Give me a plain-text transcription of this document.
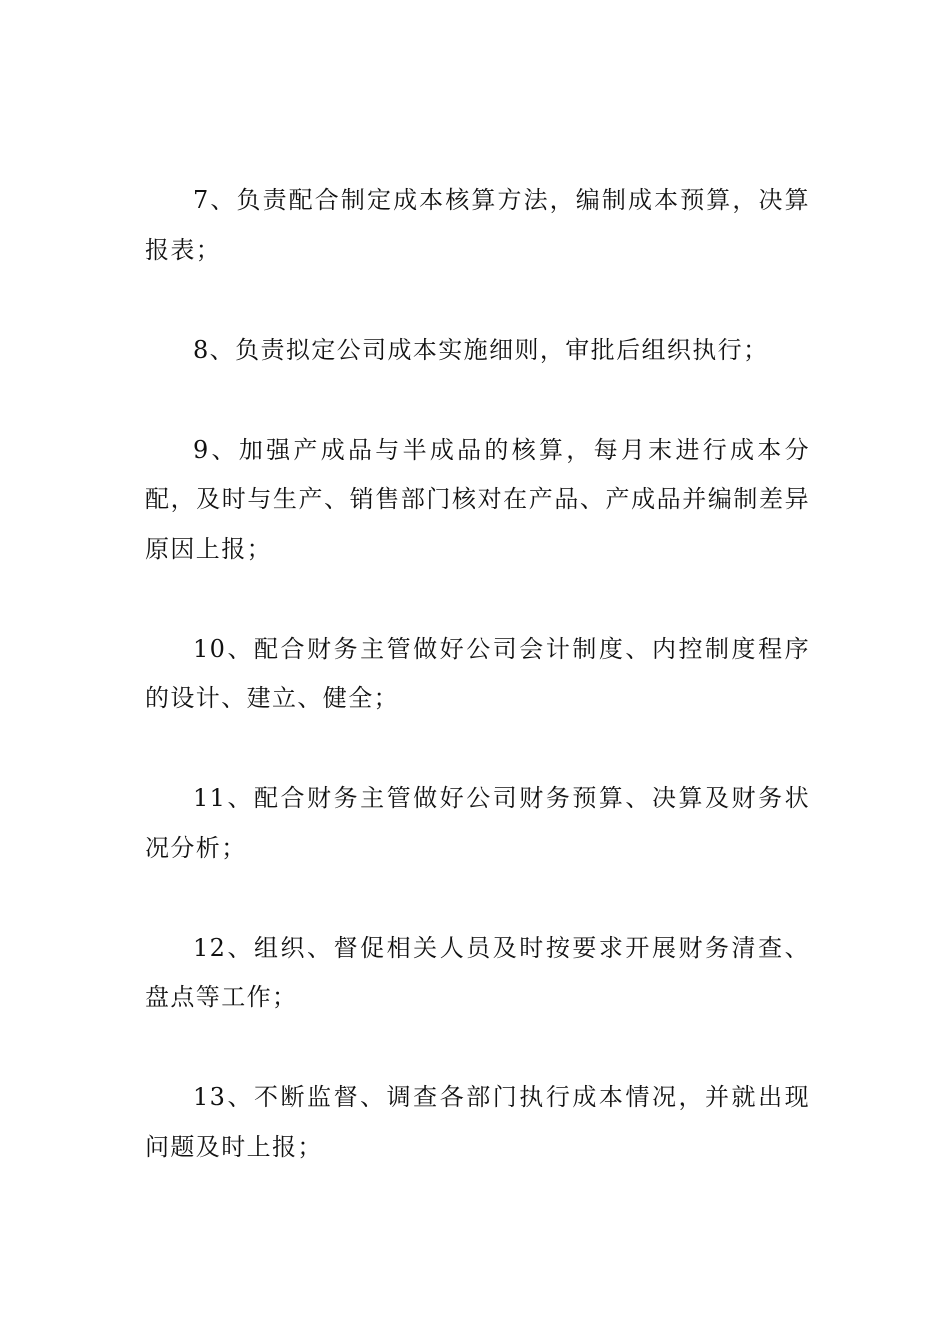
7、负责配合制定成本核算方法，编制成本预算，决算报表；

8、负责拟定公司成本实施细则，审批后组织执行；

9、加强产成品与半成品的核算，每月末进行成本分配，及时与生产、销售部门核对在产品、产成品并编制差异原因上报；

10、配合财务主管做好公司会计制度、内控制度程序的设计、建立、健全；

11、配合财务主管做好公司财务预算、决算及财务状况分析；

12、组织、督促相关人员及时按要求开展财务清查、盘点等工作；

13、不断监督、调查各部门执行成本情况，并就出现问题及时上报；
